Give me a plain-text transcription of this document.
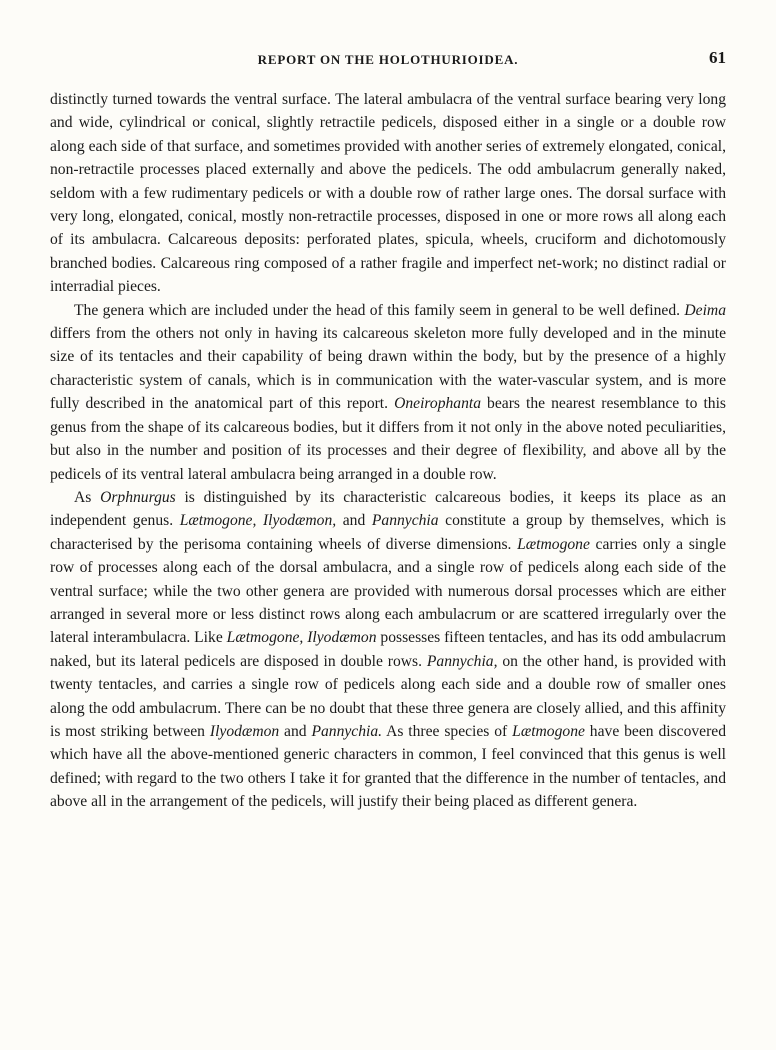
REPORT ON THE HOLOTHURIOIDEA.	61

distinctly turned towards the ventral surface. The lateral ambulacra of the ventral surface bearing very long and wide, cylindrical or conical, slightly retractile pedicels, disposed either in a single or a double row along each side of that surface, and sometimes provided with another series of extremely elongated, conical, non-retractile processes placed externally and above the pedicels. The odd ambulacrum generally naked, seldom with a few rudimentary pedicels or with a double row of rather large ones. The dorsal surface with very long, elongated, conical, mostly non-retractile processes, disposed in one or more rows all along each of its ambulacra. Calcareous deposits: perforated plates, spicula, wheels, cruciform and dichotomously branched bodies. Calcareous ring composed of a rather fragile and imperfect net-work; no distinct radial or interradial pieces.

The genera which are included under the head of this family seem in general to be well defined. Deima differs from the others not only in having its calcareous skeleton more fully developed and in the minute size of its tentacles and their capability of being drawn within the body, but by the presence of a highly characteristic system of canals, which is in communication with the water-vascular system, and is more fully described in the anatomical part of this report. Oneirophanta bears the nearest resemblance to this genus from the shape of its calcareous bodies, but it differs from it not only in the above noted peculiarities, but also in the number and position of its processes and their degree of flexibility, and above all by the pedicels of its ventral lateral ambulacra being arranged in a double row.

As Orphnurgus is distinguished by its characteristic calcareous bodies, it keeps its place as an independent genus. Lætmogone, Ilyodæmon, and Pannychia constitute a group by themselves, which is characterised by the perisoma containing wheels of diverse dimensions. Lætmogone carries only a single row of processes along each of the dorsal ambulacra, and a single row of pedicels along each side of the ventral surface; while the two other genera are provided with numerous dorsal processes which are either arranged in several more or less distinct rows along each ambulacrum or are scattered irregularly over the lateral interambulacra. Like Lætmogone, Ilyodæmon possesses fifteen tentacles, and has its odd ambulacrum naked, but its lateral pedicels are disposed in double rows. Pannychia, on the other hand, is provided with twenty tentacles, and carries a single row of pedicels along each side and a double row of smaller ones along the odd ambulacrum. There can be no doubt that these three genera are closely allied, and this affinity is most striking between Ilyodæmon and Pannychia. As three species of Lætmogone have been discovered which have all the above-mentioned generic characters in common, I feel convinced that this genus is well defined; with regard to the two others I take it for granted that the difference in the number of tentacles, and above all in the arrangement of the pedicels, will justify their being placed as different genera.
